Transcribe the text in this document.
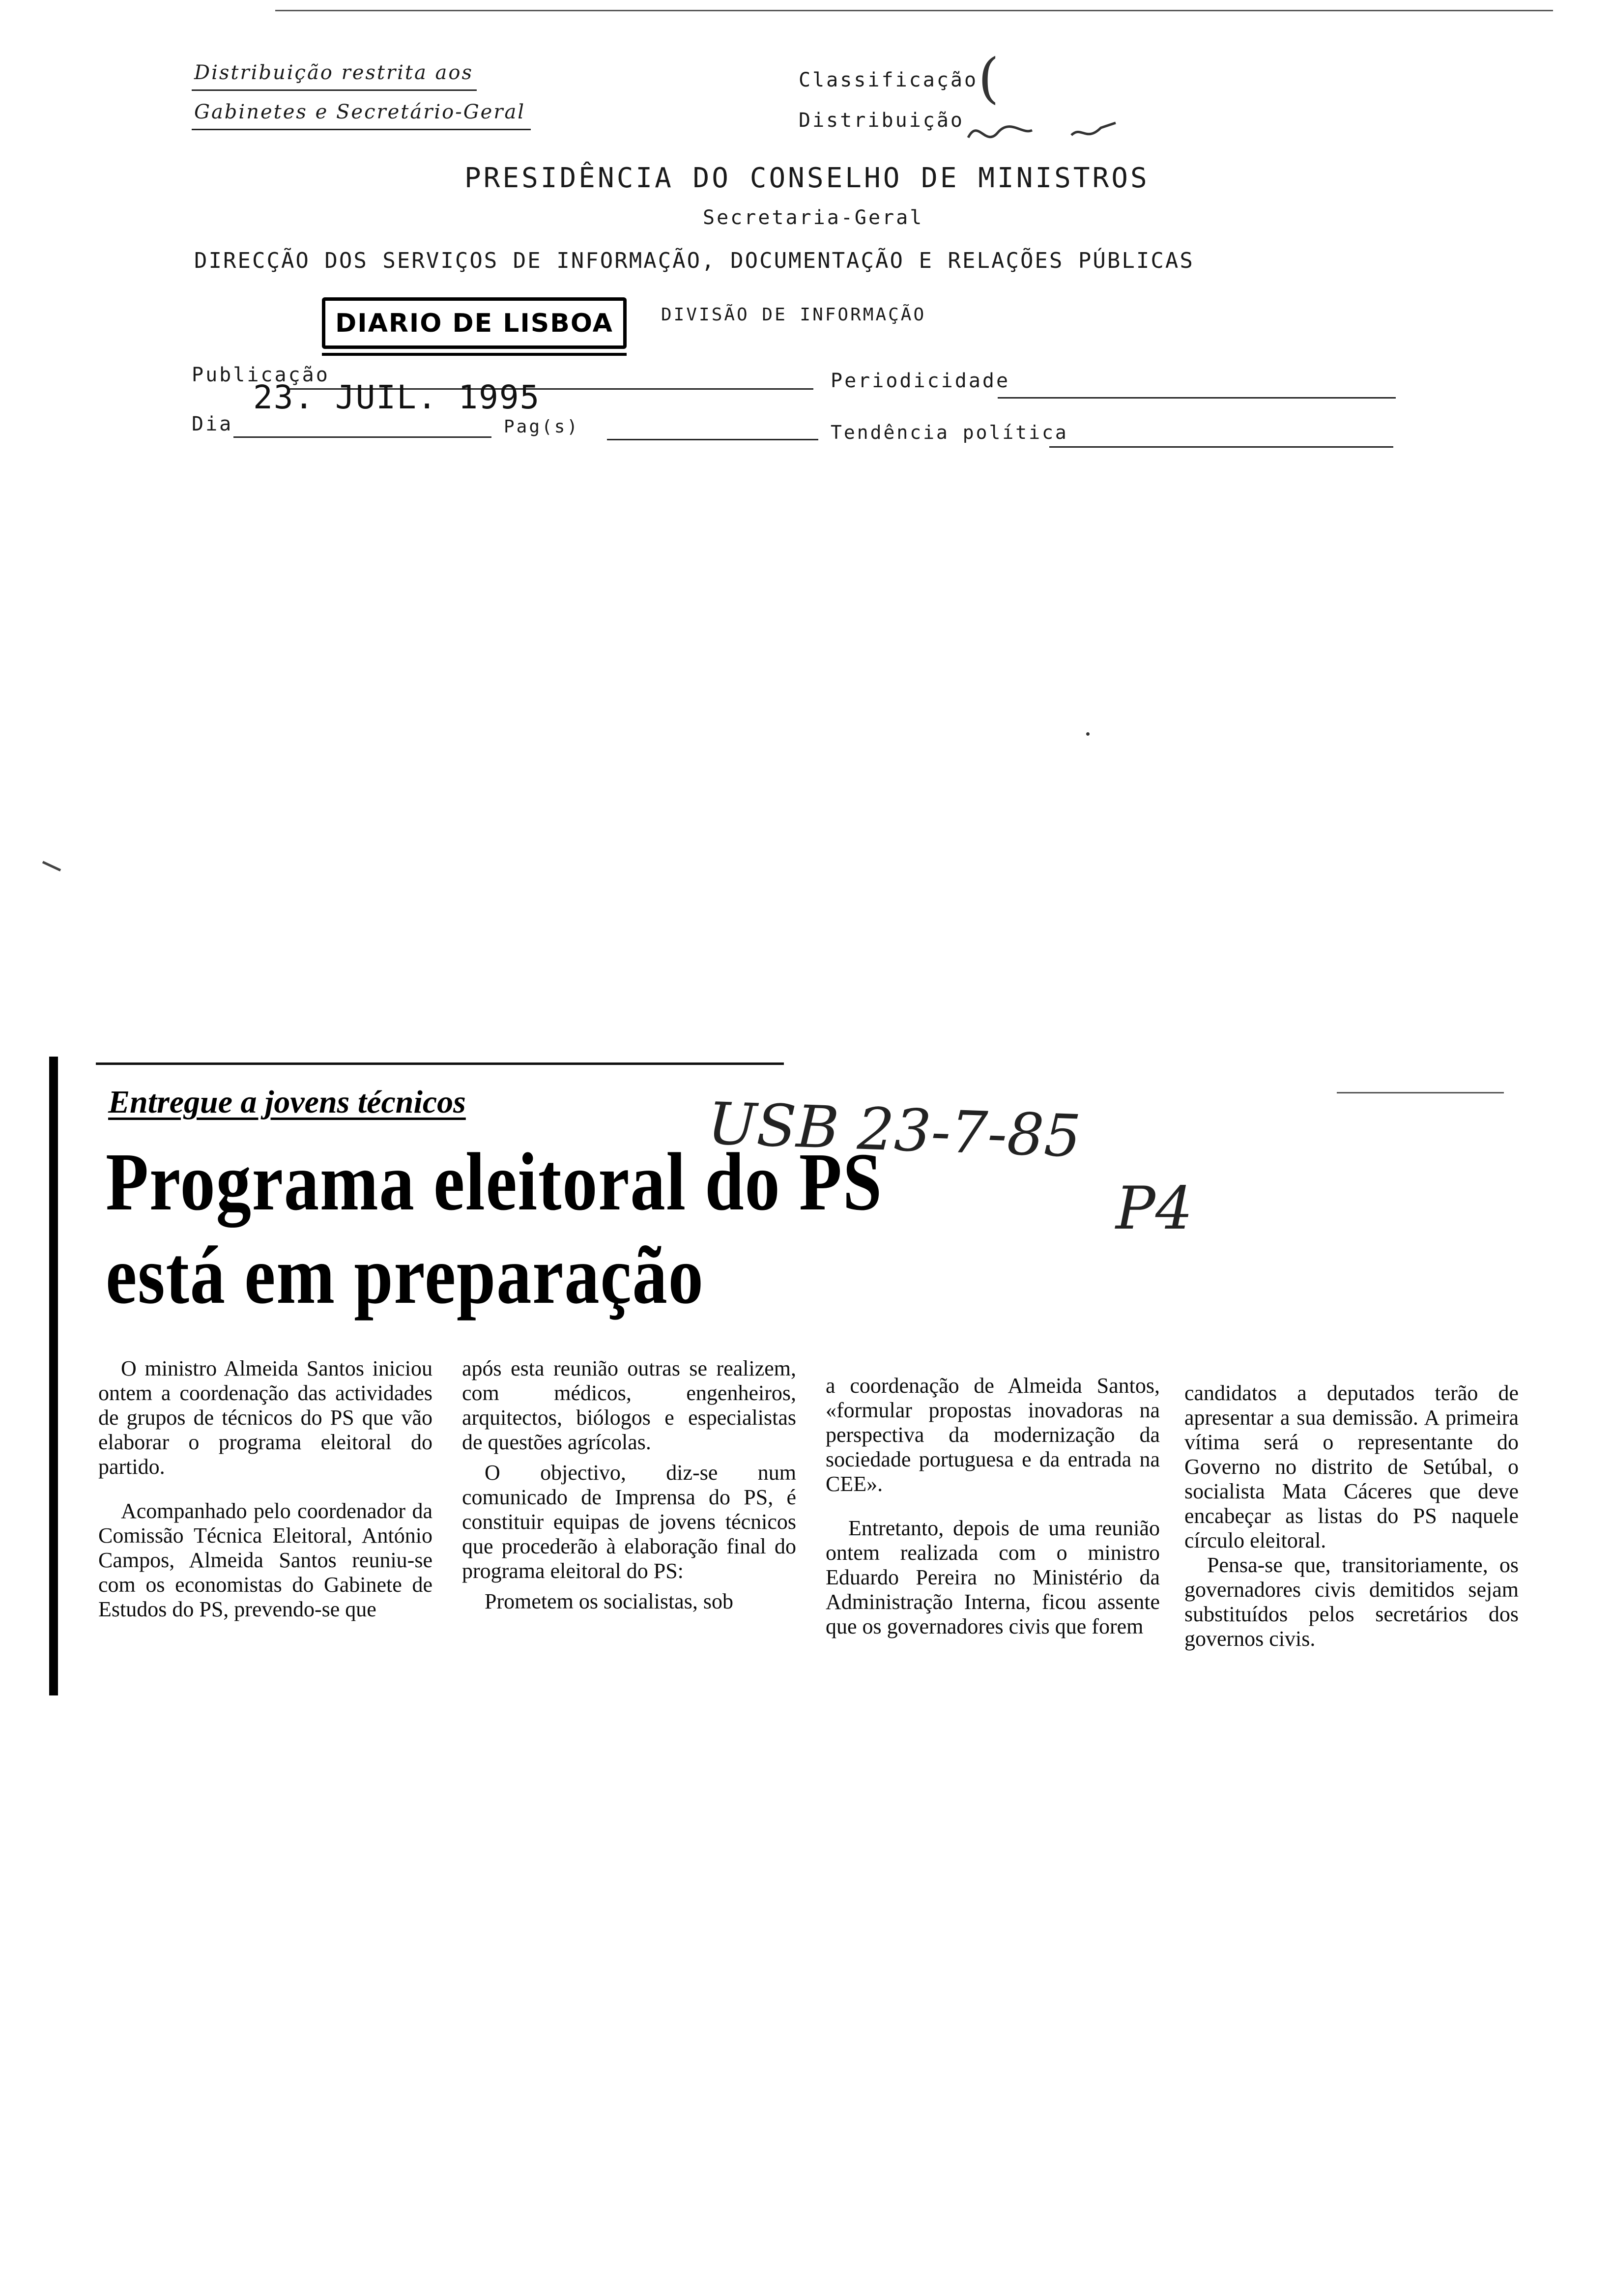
Distribuição restrita aos
Gabinetes e Secretário-Geral
Classificação (
Distribuição
PRESIDÊNCIA DO CONSELHO DE MINISTROS
Secretaria-Geral
DIRECÇÃO DOS SERVIÇOS DE INFORMAÇÃO, DOCUMENTAÇÃO E RELAÇÕES PÚBLICAS
DIARIO DE LISBOA	DIVISÃO DE INFORMAÇÃO
Publicação	Periodicidade
23. JUIL. 1995
Dia	Pag(s)	Tendência política
Entregue a jovens técnicos
Programa eleitoral do PS
está em preparação
USB 23-7-85
P4

O ministro Almeida Santos iniciou ontem a coordenação das actividades de grupos de técnicos do PS que vão elaborar o programa eleitoral do partido.

Acompanhado pelo coordenador da Comissão Técnica Eleitoral, António Campos, Almeida Santos reuniu-se com os economistas do Gabinete de Estudos do PS, prevendo-se que

após esta reunião outras se realizem, com médicos, engenheiros, arquitectos, biólogos e especialistas de questões agrícolas.

O objectivo, diz-se num comunicado de Imprensa do PS, é constituir equipas de jovens técnicos que procederão à elaboração final do programa eleitoral do PS:

Prometem os socialistas, sob

a coordenação de Almeida Santos, «formular propostas inovadoras na perspectiva da modernização da sociedade portuguesa e da entrada na CEE».

Entretanto, depois de uma reunião ontem realizada com o ministro Eduardo Pereira no Ministério da Administração Interna, ficou assente que os governadores civis que forem

candidatos a deputados terão de apresentar a sua demissão. A primeira vítima será o representante do Governo no distrito de Setúbal, o socialista Mata Cáceres que deve encabeçar as listas do PS naquele círculo eleitoral.

Pensa-se que, transitoriamente, os governadores civis demitidos sejam substituídos pelos secretários dos governos civis.
